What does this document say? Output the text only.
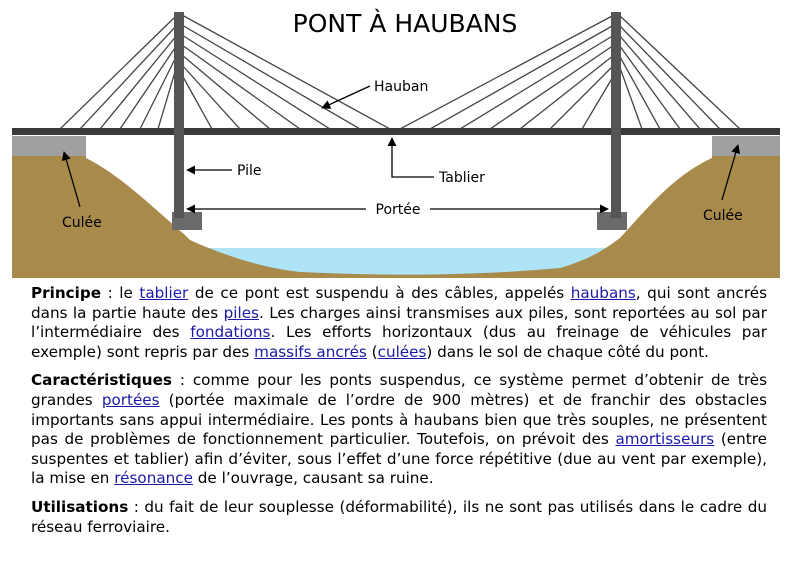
PONT À HAUBANS
Hauban
Pile	Tablier
Portée
Culée	Culée

Principe : le tablier de ce pont est suspendu à des câbles, appelés haubans, qui sont ancrés dans la partie haute des piles. Les charges ainsi transmises aux piles, sont reportées au sol par l’intermédiaire des fondations. Les efforts horizontaux (dus au freinage de véhicules par exemple) sont repris par des massifs ancrés (culées) dans le sol de chaque côté du pont.

Caractéristiques : comme pour les ponts suspendus, ce système permet d’obtenir de très grandes portées (portée maximale de l’ordre de 900 mètres) et de franchir des obstacles importants sans appui intermédiaire. Les ponts à haubans bien que très souples, ne présentent pas de problèmes de fonctionnement particulier. Toutefois, on prévoit des amortisseurs (entre suspentes et tablier) afin d’éviter, sous l’effet d’une force répétitive (due au vent par exemple), la mise en résonance de l’ouvrage, causant sa ruine.

Utilisations : du fait de leur souplesse (déformabilité), ils ne sont pas utilisés dans le cadre du réseau ferroviaire.
